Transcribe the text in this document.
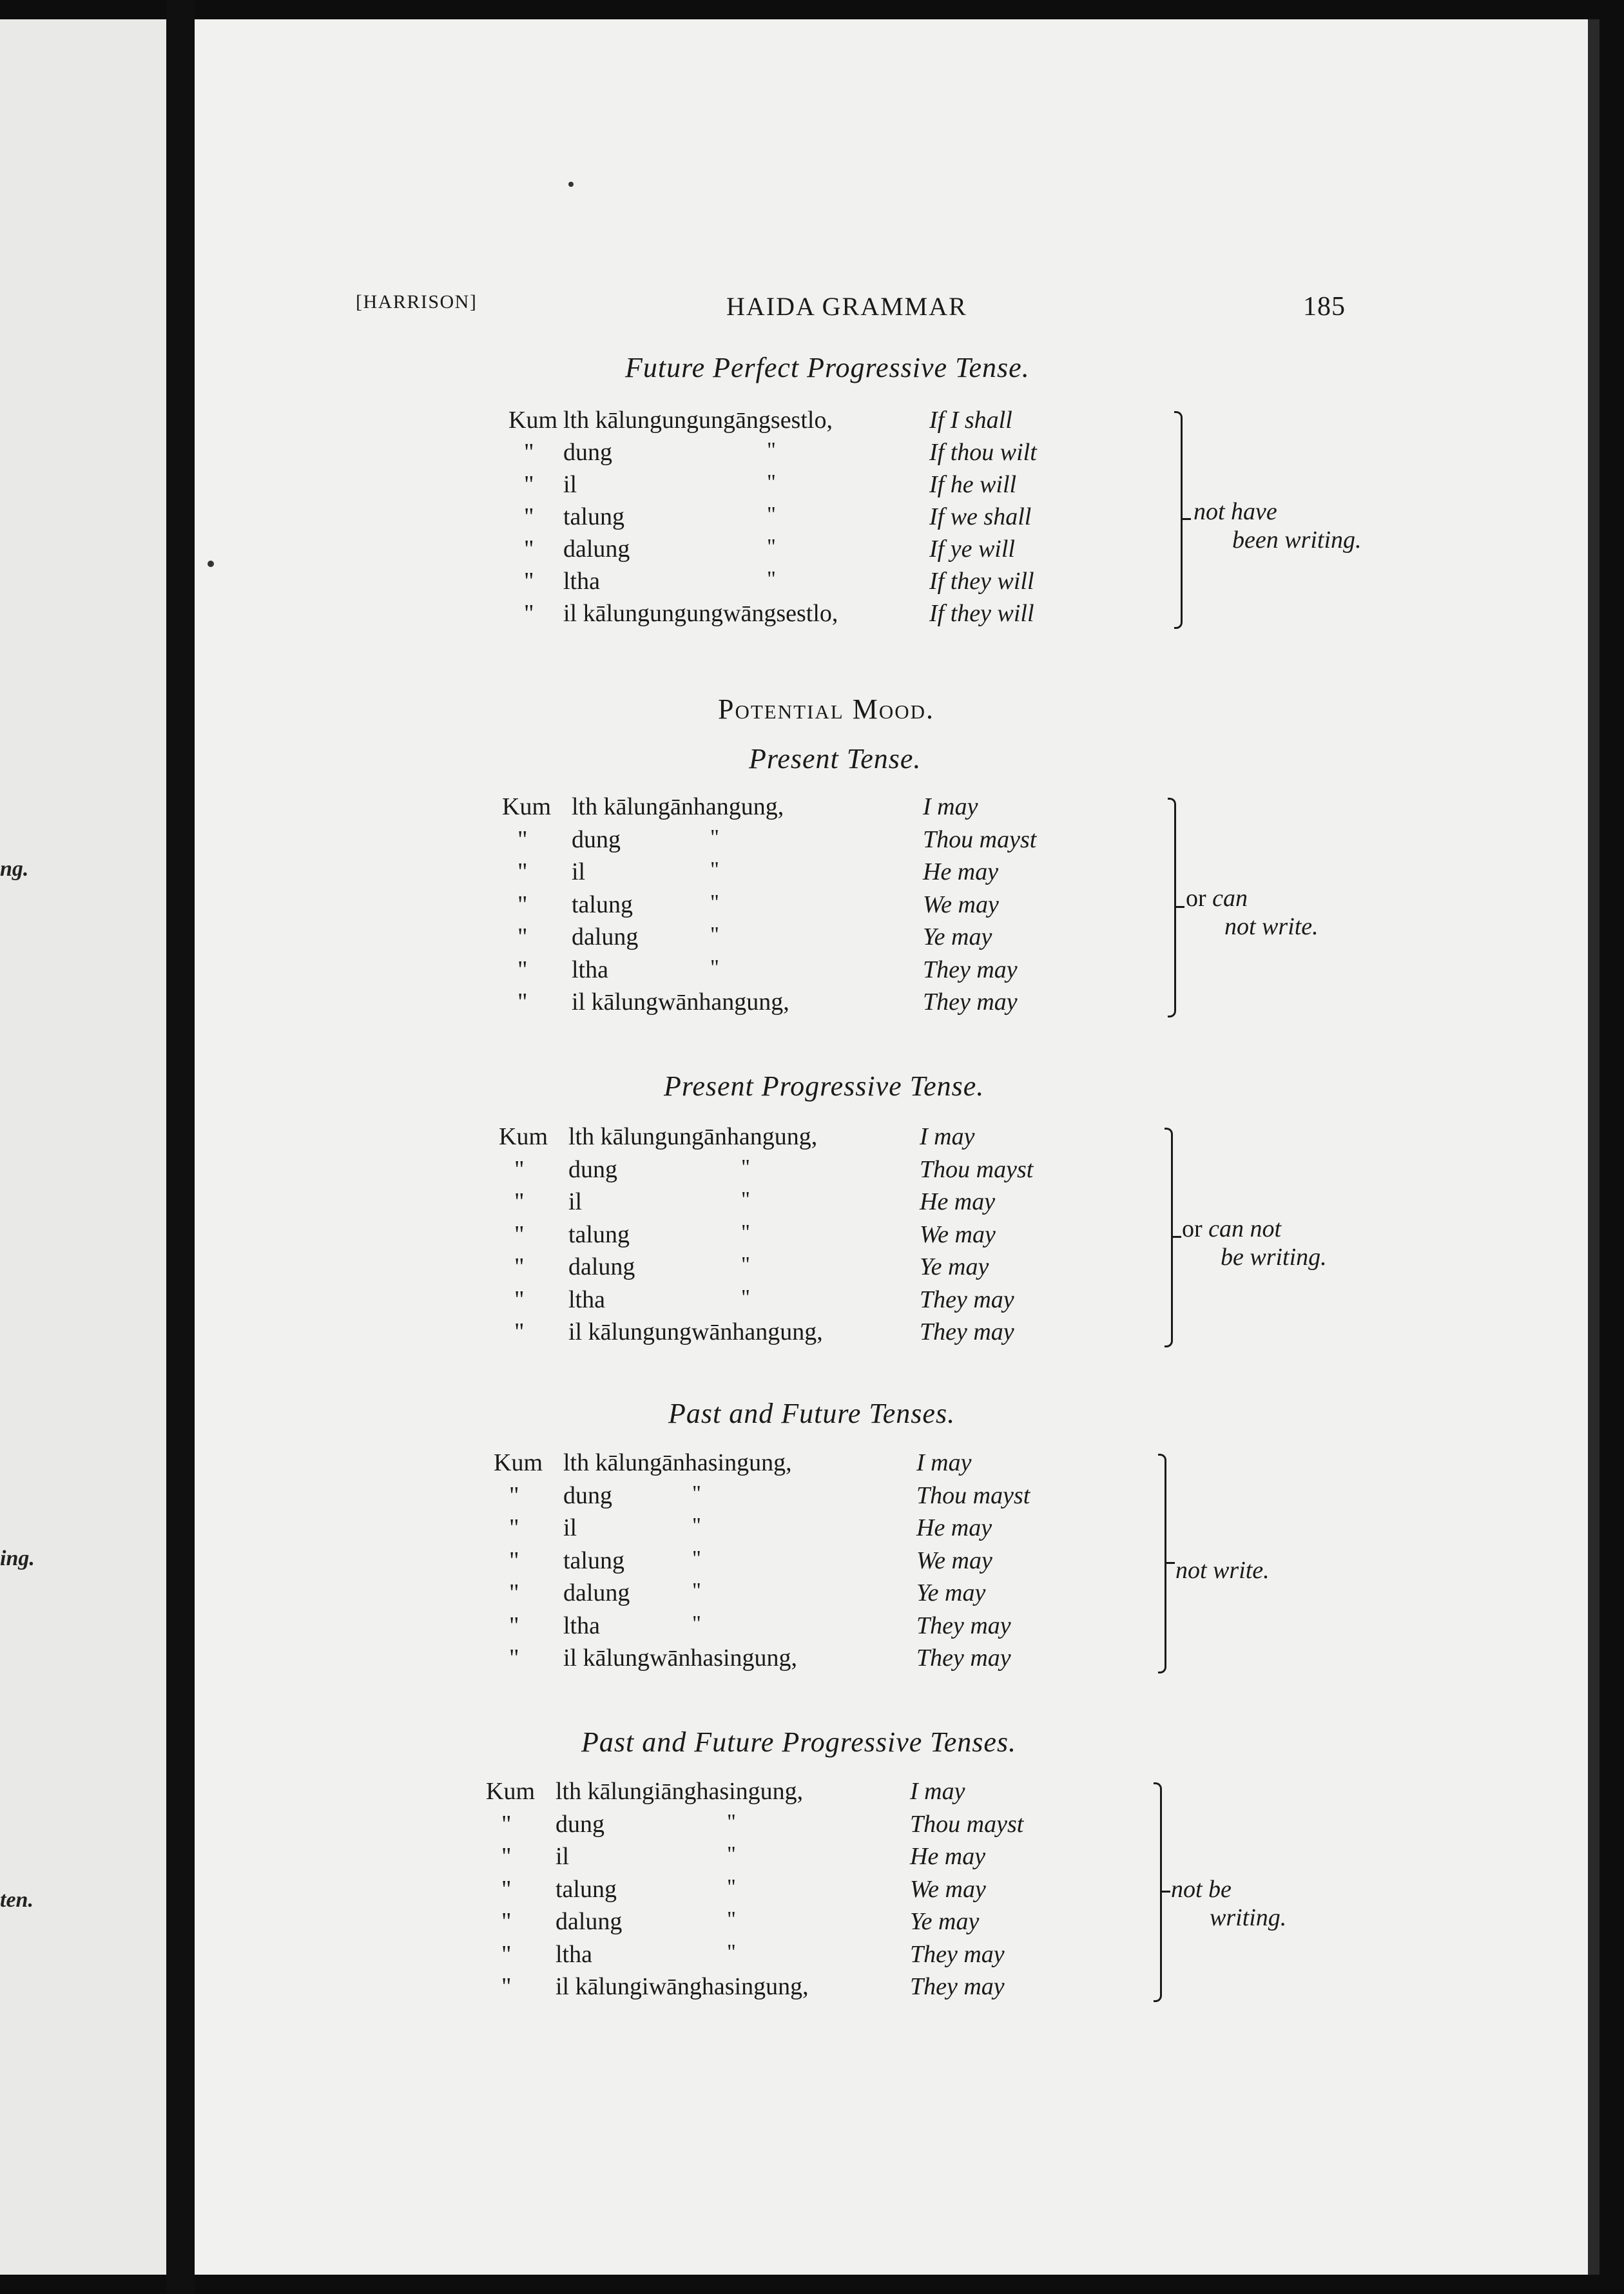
ng.
ing.
ten.
[HARRISON]	HAIDA GRAMMAR	185
Potential Mood.
Future Perfect Progressive Tense.
Kum lth kālungungungāngsestlo,	If I shall
" dung	"	If thou wilt
" il	"	If he will
" talung	"	If we shall
" dalung	"	If ye will
" ltha	"	If they will
" il kālungungungwāngsestlo,	If they will
not have
been writing.
Present Tense.
Kum lth kālungānhangung,	I may
" dung	"	Thou mayst
" il	"	He may
" talung	"	We may
" dalung	"	Ye may
" ltha	"	They may
" il kālungwānhangung,	They may
or can
not write.
Present Progressive Tense.
Kum lth kālungungānhangung,	I may
" dung	"	Thou mayst
" il	"	He may
" talung	"	We may
" dalung	"	Ye may
" ltha	"	They may
" il kālungungwānhangung,	They may
or can not
be writing.
Past and Future Tenses.
Kum lth kālungānhasingung,	I may
" dung	"	Thou mayst
" il	"	He may
" talung	"	We may
" dalung	"	Ye may
" ltha	"	They may
" il kālungwānhasingung,	They may
not write.
Past and Future Progressive Tenses.
Kum lth kālungiānghasingung,	I may
" dung	"	Thou mayst
" il	"	He may
" talung	"	We may
" dalung	"	Ye may
" ltha	"	They may
" il kālungiwānghasingung,	They may
not be
writing.
